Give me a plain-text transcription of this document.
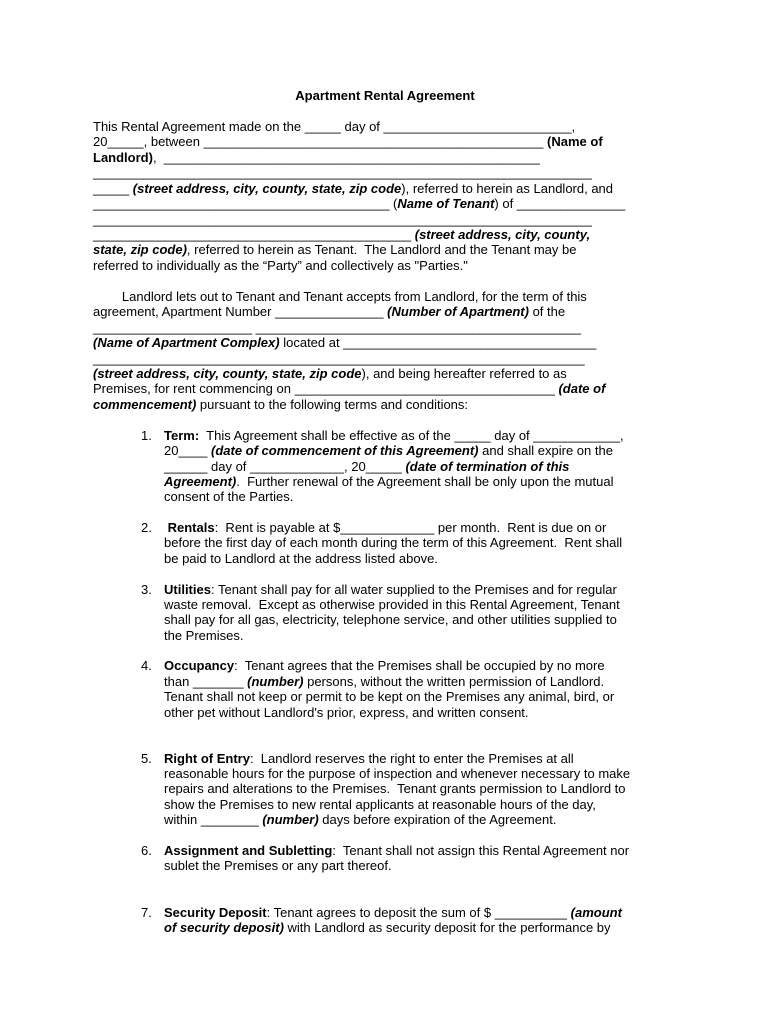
Apartment Rental Agreement
This Rental Agreement made on the _____ day of __________________________,
20_____, between _______________________________________________ (Name of
Landlord),  ____________________________________________________
_____________________________________________________________________
_____ (street address, city, county, state, zip code), referred to herein as Landlord, and
_________________________________________ (Name of Tenant) of _______________
_____________________________________________________________________
____________________________________________ (street address, city, county,
state, zip code), referred to herein as Tenant.  The Landlord and the Tenant may be
referred to individually as the “Party” and collectively as "Parties."
Landlord lets out to Tenant and Tenant accepts from Landlord, for the term of this
agreement, Apartment Number _______________ (Number of Apartment) of the
______________________ _____________________________________________
(Name of Apartment Complex) located at ___________________________________
____________________________________________________________________
(street address, city, county, state, zip code), and being hereafter referred to as
Premises, for rent commencing on ____________________________________ (date of
commencement) pursuant to the following terms and conditions:
1. Term:  This Agreement shall be effective as of the _____ day of ____________,
20____ (date of commencement of this Agreement) and shall expire on the
______ day of _____________, 20_____ (date of termination of this
Agreement).  Further renewal of the Agreement shall be only upon the mutual
consent of the Parties.
2. Rentals:  Rent is payable at $_____________ per month.  Rent is due on or
before the first day of each month during the term of this Agreement.  Rent shall
be paid to Landlord at the address listed above.
3. Utilities: Tenant shall pay for all water supplied to the Premises and for regular
waste removal.  Except as otherwise provided in this Rental Agreement, Tenant
shall pay for all gas, electricity, telephone service, and other utilities supplied to
the Premises.
4. Occupancy:  Tenant agrees that the Premises shall be occupied by no more
than _______ (number) persons, without the written permission of Landlord.
Tenant shall not keep or permit to be kept on the Premises any animal, bird, or
other pet without Landlord's prior, express, and written consent.
5. Right of Entry:  Landlord reserves the right to enter the Premises at all
reasonable hours for the purpose of inspection and whenever necessary to make
repairs and alterations to the Premises.  Tenant grants permission to Landlord to
show the Premises to new rental applicants at reasonable hours of the day,
within ________ (number) days before expiration of the Agreement.
6. Assignment and Subletting:  Tenant shall not assign this Rental Agreement nor
sublet the Premises or any part thereof.
7. Security Deposit: Tenant agrees to deposit the sum of $ __________ (amount
of security deposit) with Landlord as security deposit for the performance by
